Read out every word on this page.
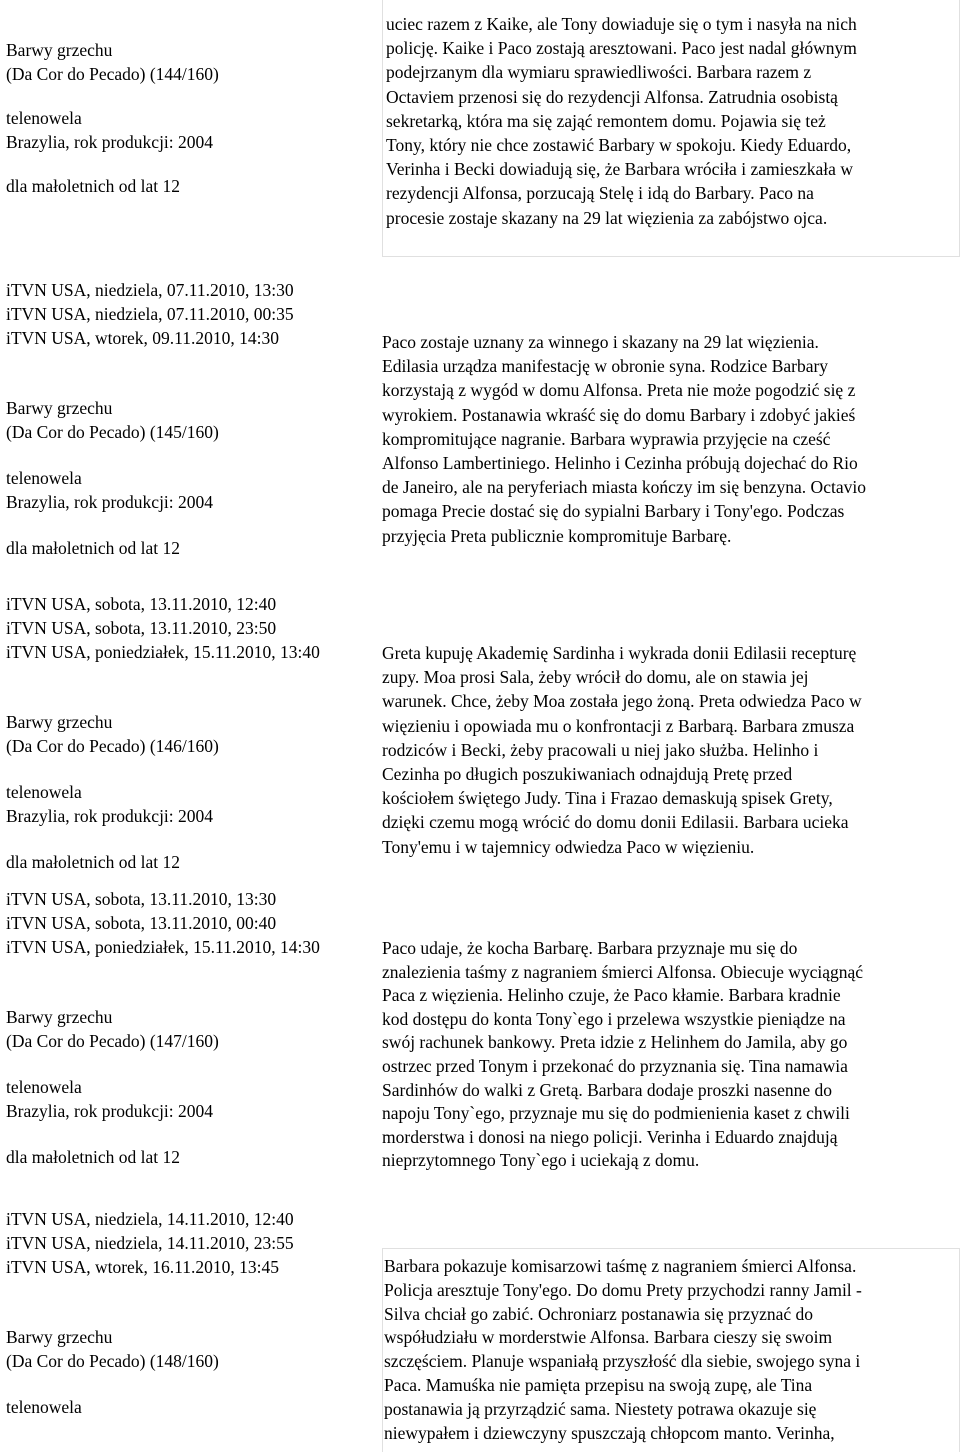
Barwy grzechu

(Da Cor do Pecado) (144/160)

telenowela

Brazylia, rok produkcji: 2004

dla małoletnich od lat 12

uciec razem z Kaike, ale Tony dowiaduje się o tym i nasyła na nich
policję. Kaike i Paco zostają aresztowani. Paco jest nadal głównym
podejrzanym dla wymiaru sprawiedliwości. Barbara razem z
Octaviem przenosi się do rezydencji Alfonsa. Zatrudnia osobistą
sekretarką, która ma się zająć remontem domu. Pojawia się też
Tony, który nie chce zostawić Barbary w spokoju. Kiedy Eduardo,
Verinha i Becki dowiadują się, że Barbara wróciła i zamieszkała w
rezydencji Alfonsa, porzucają Stelę i idą do Barbary. Paco na
procesie zostaje skazany na 29 lat więzienia za zabójstwo ojca.

iTVN USA, niedziela, 07.11.2010, 13:30

iTVN USA, niedziela, 07.11.2010, 00:35

iTVN USA, wtorek, 09.11.2010, 14:30

Barwy grzechu

(Da Cor do Pecado) (145/160)

telenowela

Brazylia, rok produkcji: 2004

dla małoletnich od lat 12

Paco zostaje uznany za winnego i skazany na 29 lat więzienia.
Edilasia urządza manifestację w obronie syna. Rodzice Barbary
korzystają z wygód w domu Alfonsa. Preta nie może pogodzić się z
wyrokiem. Postanawia wkraść się do domu Barbary i zdobyć jakieś
kompromitujące nagranie. Barbara wyprawia przyjęcie na cześć
Alfonso Lambertiniego. Helinho i Cezinha próbują dojechać do Rio
de Janeiro, ale na peryferiach miasta kończy im się benzyna. Octavio
pomaga Precie dostać się do sypialni Barbary i Tony'ego. Podczas
przyjęcia Preta publicznie kompromituje Barbarę.

iTVN USA, sobota, 13.11.2010, 12:40

iTVN USA, sobota, 13.11.2010, 23:50

iTVN USA, poniedziałek, 15.11.2010, 13:40

Barwy grzechu

(Da Cor do Pecado) (146/160)

telenowela

Brazylia, rok produkcji: 2004

dla małoletnich od lat 12

Greta kupuję Akademię Sardinha i wykrada donii Edilasii recepturę
zupy. Moa prosi Sala, żeby wrócił do domu, ale on stawia jej
warunek. Chce, żeby Moa została jego żoną. Preta odwiedza Paco w
więzieniu i opowiada mu o konfrontacji z Barbarą. Barbara zmusza
rodziców i Becki, żeby pracowali u niej jako służba. Helinho i
Cezinha po długich poszukiwaniach odnajdują Pretę przed
kościołem świętego Judy. Tina i Frazao demaskują spisek Grety,
dzięki czemu mogą wrócić do domu donii Edilasii. Barbara ucieka
Tony'emu i w tajemnicy odwiedza Paco w więzieniu.

iTVN USA, sobota, 13.11.2010, 13:30

iTVN USA, sobota, 13.11.2010, 00:40

iTVN USA, poniedziałek, 15.11.2010, 14:30

Barwy grzechu

(Da Cor do Pecado) (147/160)

telenowela

Brazylia, rok produkcji: 2004

dla małoletnich od lat 12

Paco udaje, że kocha Barbarę. Barbara przyznaje mu się do
znalezienia taśmy z nagraniem śmierci Alfonsa. Obiecuje wyciągnąć
Paca z więzienia. Helinho czuje, że Paco kłamie. Barbara kradnie
kod dostępu do konta Tony`ego i przelewa wszystkie pieniądze na
swój rachunek bankowy. Preta idzie z Helinhem do Jamila, aby go
ostrzec przed Tonym i przekonać do przyznania się. Tina namawia
Sardinhów do walki z Gretą. Barbara dodaje proszki nasenne do
napoju Tony`ego, przyznaje mu się do podmienienia kaset z chwili
morderstwa i donosi na niego policji. Verinha i Eduardo znajdują
nieprzytomnego Tony`ego i uciekają z domu.

iTVN USA, niedziela, 14.11.2010, 12:40

iTVN USA, niedziela, 14.11.2010, 23:55

iTVN USA, wtorek, 16.11.2010, 13:45

Barwy grzechu

(Da Cor do Pecado) (148/160)

telenowela

Barbara pokazuje komisarzowi taśmę z nagraniem śmierci Alfonsa.
Policja aresztuje Tony'ego. Do domu Prety przychodzi ranny Jamil -
Silva chciał go zabić. Ochroniarz postanawia się przyznać do
współudziału w morderstwie Alfonsa. Barbara cieszy się swoim
szczęściem. Planuje wspaniałą przyszłość dla siebie, swojego syna i
Paca. Mamuśka nie pamięta przepisu na swoją zupę, ale Tina
postanawia ją przyrządzić sama. Niestety potrawa okazuje się
niewypałem i dziewczyny spuszczają chłopcom manto. Verinha,
